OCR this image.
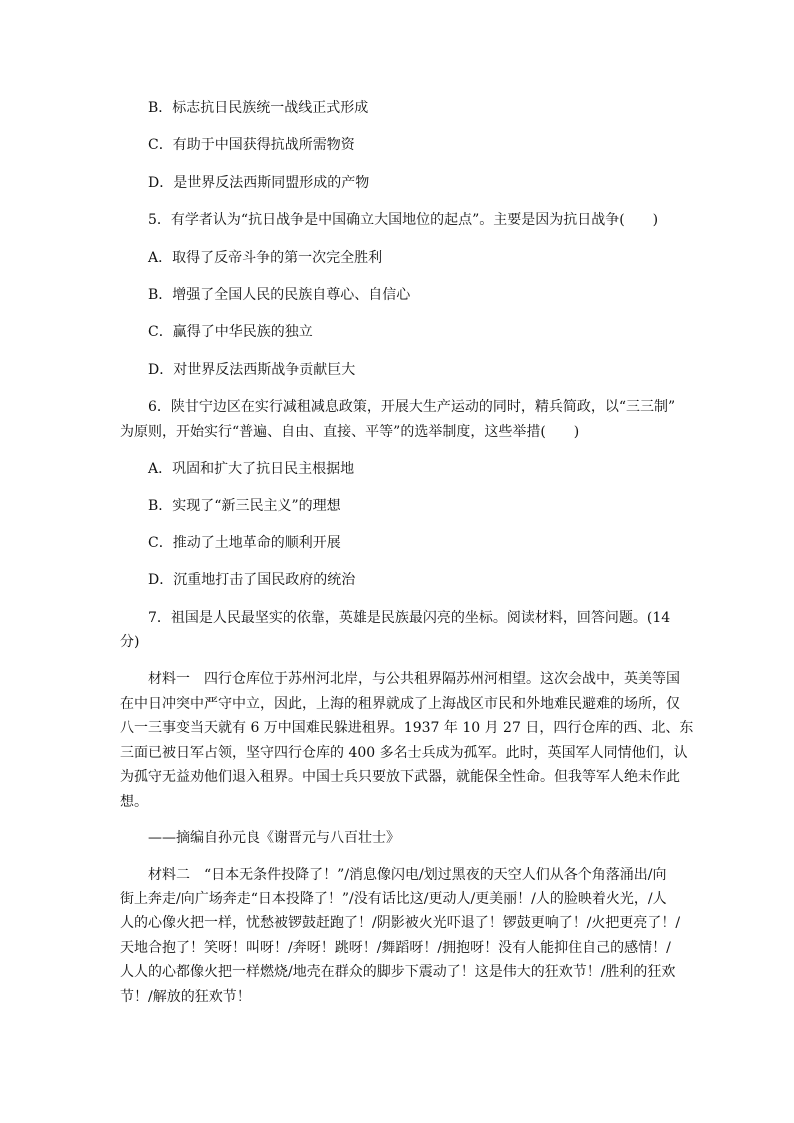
B．标志抗日民族统一战线正式形成
C．有助于中国获得抗战所需物资
D．是世界反法西斯同盟形成的产物
5．有学者认为“抗日战争是中国确立大国地位的起点”。主要是因为抗日战争(　　)
A．取得了反帝斗争的第一次完全胜利
B．增强了全国人民的民族自尊心、自信心
C．赢得了中华民族的独立
D．对世界反法西斯战争贡献巨大
6．陕甘宁边区在实行减租减息政策，开展大生产运动的同时，精兵简政，以“三三制”
为原则，开始实行“普遍、自由、直接、平等”的选举制度，这些举措(　　)
A．巩固和扩大了抗日民主根据地
B．实现了“新三民主义”的理想
C．推动了土地革命的顺利开展
D．沉重地打击了国民政府的统治
7．祖国是人民最坚实的依靠，英雄是民族最闪亮的坐标。阅读材料，回答问题。(14
分)
材料一　四行仓库位于苏州河北岸，与公共租界隔苏州河相望。这次会战中，英美等国
在中日冲突中严守中立，因此，上海的租界就成了上海战区市民和外地难民避难的场所，仅
八一三事变当天就有 6 万中国难民躲进租界。1937 年 10 月 27 日，四行仓库的西、北、东
三面已被日军占领，坚守四行仓库的 400 多名士兵成为孤军。此时，英国军人同情他们，认
为孤守无益劝他们退入租界。中国士兵只要放下武器，就能保全性命。但我等军人绝未作此
想。
——摘编自孙元良《谢晋元与八百壮士》
材料二　“日本无条件投降了！”/消息像闪电/划过黑夜的天空人们从各个角落涌出/向
街上奔走/向广场奔走“日本投降了！”/没有话比这/更动人/更美丽！/人的脸映着火光，/人
人的心像火把一样，忧愁被锣鼓赶跑了！/阴影被火光吓退了！锣鼓更响了！/火把更亮了！/
天地合抱了！笑呀！叫呀！/奔呀！跳呀！/舞蹈呀！/拥抱呀！没有人能抑住自己的感情！/
人人的心都像火把一样燃烧/地壳在群众的脚步下震动了！这是伟大的狂欢节！/胜利的狂欢
节！/解放的狂欢节！
